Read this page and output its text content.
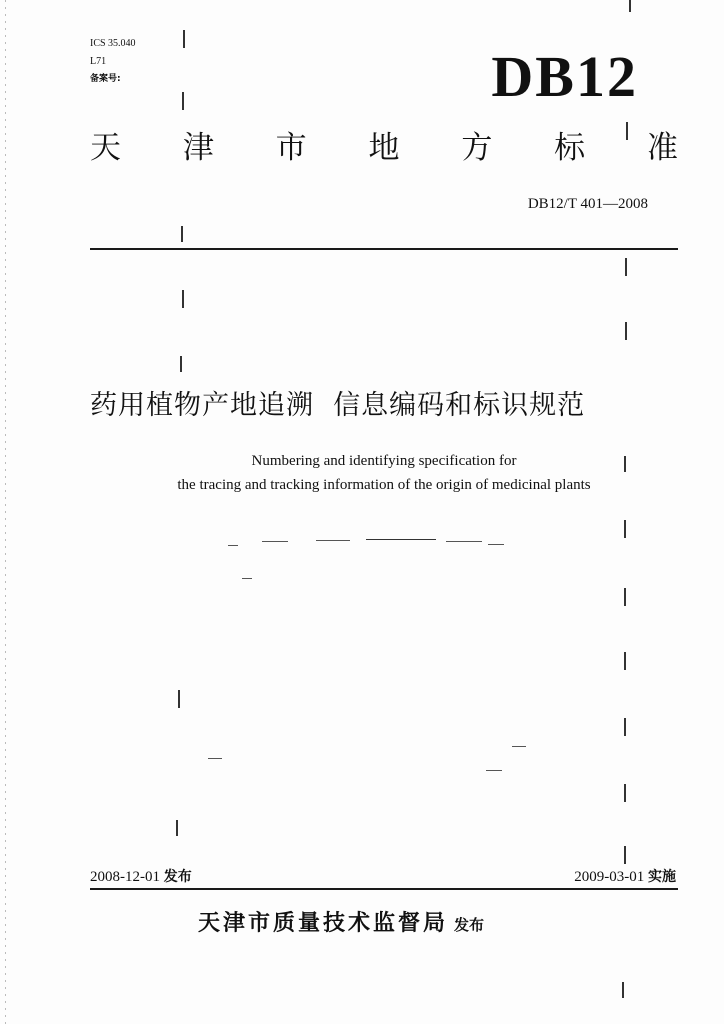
ICS 35.040
L71
备案号:	DB12
天 津 市 地 方 标 准
DB12/T 401—2008
药用植物产地追溯  信息编码和标识规范
Numbering and identifying specification for
the tracing and tracking information of the origin of medicinal plants
2008-12-01 发布	2009-03-01 实施
天津市质量技术监督局 发布
